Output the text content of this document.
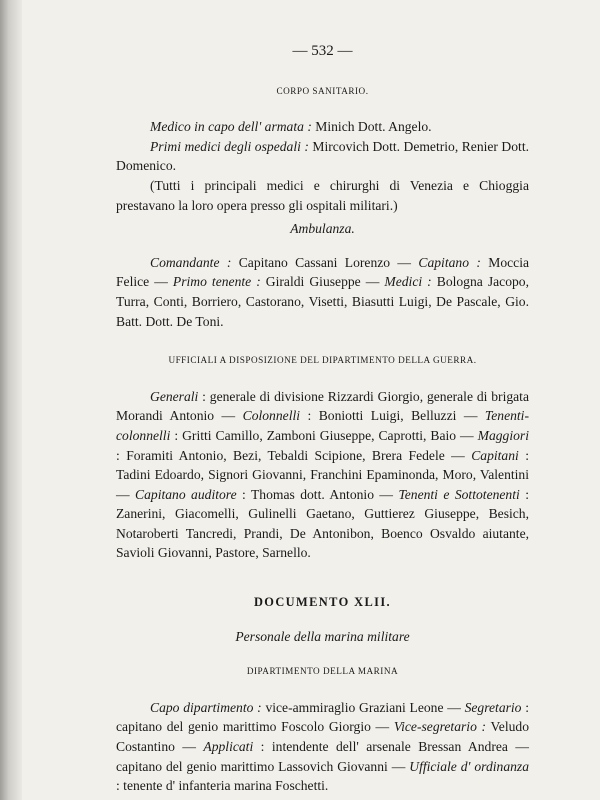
— 532 —
CORPO SANITARIO.

Medico in capo dell' armata : Minich Dott. Angelo.

Primi medici degli ospedali : Mircovich Dott. Demetrio, Renier Dott. Domenico.

(Tutti i principali medici e chirurghi di Venezia e Chioggia prestavano la loro opera presso gli ospitali militari.)

Ambulanza.

Comandante : Capitano Cassani Lorenzo — Capitano : Moccia Felice — Primo tenente : Giraldi Giuseppe — Medici : Bologna Jacopo, Turra, Conti, Borriero, Castorano, Visetti, Biasutti Luigi, De Pascale, Gio. Batt. Dott. De Toni.

UFFICIALI A DISPOSIZIONE DEL DIPARTIMENTO DELLA GUERRA.

Generali : generale di divisione Rizzardi Giorgio, generale di brigata Morandi Antonio — Colonnelli : Boniotti Luigi, Belluzzi — Tenenti-colonnelli : Gritti Camillo, Zamboni Giuseppe, Caprotti, Baio — Maggiori : Foramiti Antonio, Bezi, Tebaldi Scipione, Brera Fedele — Capitani : Tadini Edoardo, Signori Giovanni, Franchini Epaminonda, Moro, Valentini — Capitano auditore : Thomas dott. Antonio — Tenenti e Sottotenenti : Zanerini, Giacomelli, Gulinelli Gaetano, Guttierez Giuseppe, Besich, Notaroberti Tancredi, Prandi, De Antonibon, Boenco Osvaldo aiutante, Savioli Giovanni, Pastore, Sarnello.

DOCUMENTO XLII.
Personale della marina militare
DIPARTIMENTO DELLA MARINA

Capo dipartimento : vice-ammiraglio Graziani Leone — Segretario : capitano del genio marittimo Foscolo Giorgio — Vice-segretario : Veludo Costantino — Applicati : intendente dell' arsenale Bressan Andrea — capitano del genio marittimo Lassovich Giovanni — Ufficiale d' ordinanza : tenente d' infanteria marina Foschetti.
